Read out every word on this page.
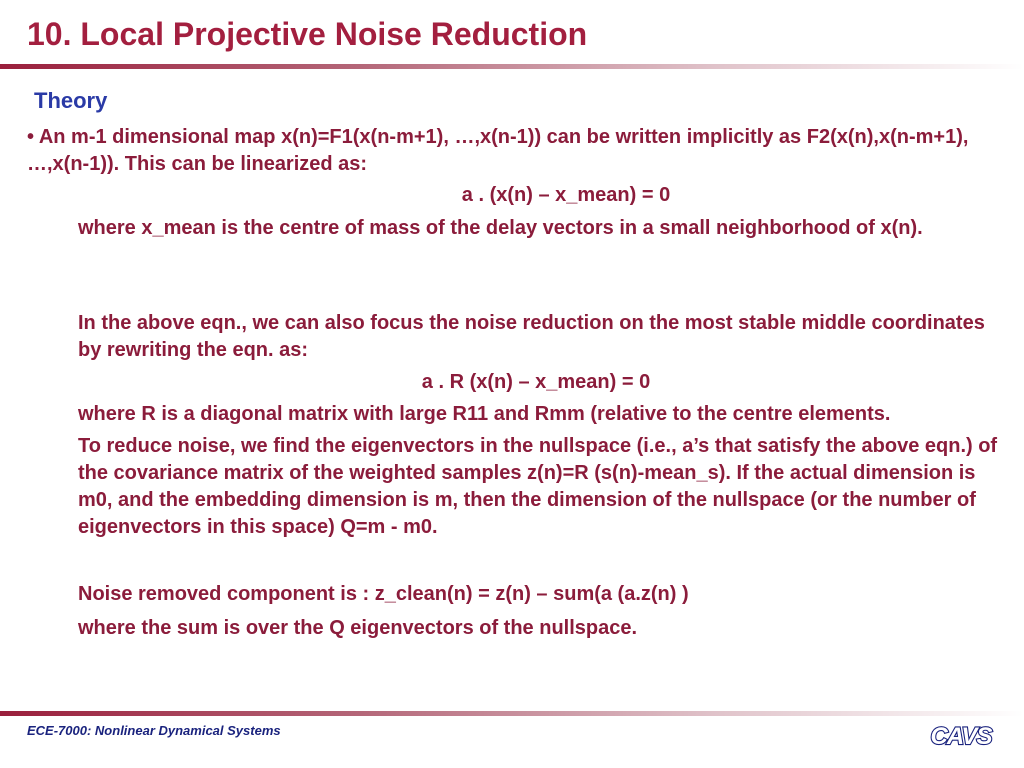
10. Local Projective Noise Reduction
Theory
• An m-1 dimensional map x(n)=F1(x(n-m+1), …,x(n-1)) can be written implicitly as F2(x(n),x(n-m+1), …,x(n-1)). This can be linearized as:
a . (x(n) – x_mean) = 0
where x_mean is the centre of mass of the delay vectors in a small neighborhood of x(n).
In the above eqn., we can also focus the noise reduction on the most stable middle coordinates by rewriting the eqn. as:
a . R (x(n) – x_mean) = 0
where R is a diagonal matrix with large R11 and Rmm (relative to the centre elements.
To reduce noise, we find the eigenvectors in the nullspace (i.e., a’s that satisfy the above eqn.) of the covariance matrix of the weighted samples z(n)=R (s(n)-mean_s). If the actual dimension is m0, and the embedding dimension is m, then the dimension of the nullspace (or the number of eigenvectors in this space) Q=m - m0.
Noise removed component is : z_clean(n) = z(n) – sum(a (a.z(n) )
where the sum is over the Q eigenvectors of the nullspace.
ECE-7000: Nonlinear Dynamical Systems	CAVS
